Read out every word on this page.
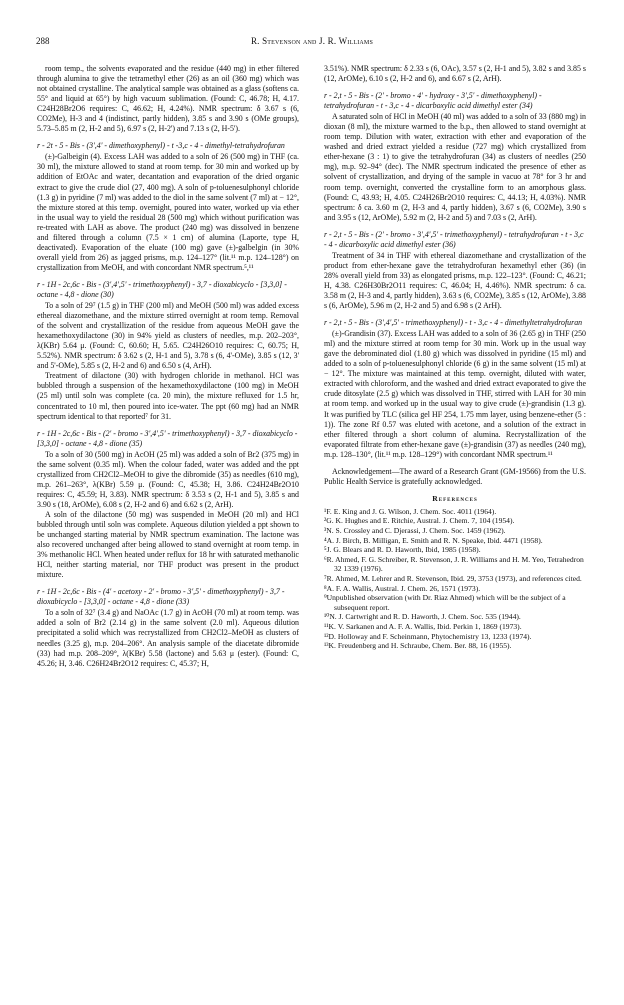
288	R. Stevenson and J. R. Williams

room temp., the solvents evaporated and the residue (440 mg) in ether filtered through alumina to give the tetramethyl ether (26) as an oil (360 mg) which was not obtained crystalline. The analytical sample was obtained as a glass (softens ca. 55° and liquid at 65°) by high vacuum sublimation. (Found: C, 46.78; H, 4.17. C24H28Br2O6 requires: C, 46.62; H, 4.24%). NMR spectrum: δ 3.67 s (6, CO2Me), H-3 and 4 (indistinct, partly hidden), 3.85 s and 3.90 s (OMe groups), 5.73–5.85 m (2, H-2 and 5), 6.97 s (2, H-2') and 7.13 s (2, H-5').

r - 2t - 5 - Bis - (3',4' - dimethoxyphenyl) - t -3,c - 4 - dimethyl-tetrahydrofuran

(±)-Galbeigin (4). Excess LAH was added to a soln of 26 (500 mg) in THF (ca. 30 ml), the mixture allowed to stand at room temp. for 30 min and worked up by addition of EtOAc and water, decantation and evaporation of the dried organic extract to give the crude diol (27, 400 mg). A soln of p-toluenesulphonyl chloride (1.3 g) in pyridine (7 ml) was added to the diol in the same solvent (7 ml) at − 12°, the mixture stored at this temp. overnight, poured into water, worked up via ether in the usual way to yield the residual 28 (500 mg) which without purification was re-treated with LAH as above. The product (240 mg) was dissolved in benzene and filtered through a column (7.5 × 1 cm) of alumina (Laporte, type H, deactivated). Evaporation of the eluate (100 mg) gave (±)-galbelgin (in 30% overall yield from 26) as jagged prisms, m.p. 124–127° (lit.¹¹ m.p. 124–128°) on crystallization from MeOH, and with concordant NMR spectrum.⁵,¹¹

r - 1H - 2c,6c - Bis - (3',4',5' - trimethoxyphenyl) - 3,7 - dioxabicyclo - [3,3,0] - octane - 4,8 - dione (30)

To a soln of 29⁷ (1.5 g) in THF (200 ml) and MeOH (500 ml) was added excess ethereal diazomethane, and the mixture stirred overnight at room temp. Removal of the solvent and crystallization of the residue from aqueous MeOH gave the hexamethoxydilactone (30) in 94% yield as clusters of needles, m.p. 202–203°, λ(KBr) 5.64 μ. (Found: C, 60.60; H, 5.65. C24H26O10 requires: C, 60.75; H, 5.52%). NMR spectrum: δ 3.62 s (2, H-1 and 5), 3.78 s (6, 4'-OMe), 3.85 s (12, 3' and 5'-OMe), 5.85 s (2, H-2 and 6) and 6.50 s (4, ArH).

Treatment of dilactone (30) with hydrogen chloride in methanol. HCl was bubbled through a suspension of the hexamethoxydilactone (100 mg) in MeOH (25 ml) until soln was complete (ca. 20 min), the mixture refluxed for 1.5 hr, concentrated to 10 ml, then poured into ice-water. The ppt (60 mg) had an NMR spectrum identical to that reported⁷ for 31.

r - 1H - 2c,6c - Bis - (2' - bromo - 3',4',5' - trimethoxyphenyl) - 3,7 - dioxabicyclo - [3,3,0] - octane - 4,8 - dione (35)

To a soln of 30 (500 mg) in AcOH (25 ml) was added a soln of Br2 (375 mg) in the same solvent (0.35 ml). When the colour faded, water was added and the ppt crystallized from CH2Cl2–MeOH to give the dibromide (35) as needles (610 mg), m.p. 261–263°, λ(KBr) 5.59 μ. (Found: C, 45.38; H, 3.86. C24H24Br2O10 requires: C, 45.59; H, 3.83). NMR spectrum: δ 3.53 s (2, H-1 and 5), 3.85 s and 3.90 s (18, ArOMe), 6.08 s (2, H-2 and 6) and 6.62 s (2, ArH).

A soln of the dilactone (50 mg) was suspended in MeOH (20 ml) and HCl bubbled through until soln was complete. Aqueous dilution yielded a ppt shown to be unchanged starting material by NMR spectrum examination. The lactone was also recovered unchanged after being allowed to stand overnight at room temp. in 3% methanolic HCl. When heated under reflux for 18 hr with saturated methanolic HCl, neither starting material, nor THF product was present in the product mixture.

r - 1H - 2c,6c - Bis - (4' - acetoxy - 2' - bromo - 3',5' - dimethoxyphenyl) - 3,7 - dioxabicyclo - [3,3,0] - octane - 4,8 - dione (33)

To a soln of 32⁷ (3.4 g) and NaOAc (1.7 g) in AcOH (70 ml) at room temp. was added a soln of Br2 (2.14 g) in the same solvent (2.0 ml). Aqueous dilution precipitated a solid which was recrystallized from CH2Cl2–MeOH as clusters of needles (3.25 g), m.p. 204–206°. An analysis sample of the diacetate dibromide (33) had m.p. 208–209°, λ(KBr) 5.58 (lactone) and 5.63 μ (ester). (Found: C, 45.26; H, 3.46. C26H24Br2O12 requires: C, 45.37; H,

3.51%). NMR spectrum: δ 2.33 s (6, OAc), 3.57 s (2, H-1 and 5), 3.82 s and 3.85 s (12, ArOMe), 6.10 s (2, H-2 and 6), and 6.67 s (2, ArH).

r - 2,t - 5 - Bis - (2' - bromo - 4' - hydroxy - 3',5' - dimethoxyphenyl) - tetrahydrofuran - t - 3,c - 4 - dicarboxylic acid dimethyl ester (34)

A saturated soln of HCl in MeOH (40 ml) was added to a soln of 33 (880 mg) in dioxan (8 ml), the mixture warmed to the b.p., then allowed to stand overnight at room temp. Dilution with water, extraction with ether and evaporation of the washed and dried extract yielded a residue (727 mg) which crystallized from ether-hexane (3 : 1) to give the tetrahydrofuran (34) as clusters of needles (250 mg), m.p. 92–94° (dec). The NMR spectrum indicated the presence of ether as solvent of crystallization, and drying of the sample in vacuo at 78° for 3 hr and room temp. overnight, converted the crystalline form to an amorphous glass. (Found: C, 43.93; H, 4.05. C24H26Br2O10 requires: C, 44.13; H, 4.03%). NMR spectrum: δ ca. 3.60 m (2, H-3 and 4, partly hidden), 3.67 s (6, CO2Me), 3.90 s and 3.95 s (12, ArOMe), 5.92 m (2, H-2 and 5) and 7.03 s (2, ArH).

r - 2,t - 5 - Bis - (2' - bromo - 3',4',5' - trimethoxyphenyl) - tetrahydrofuran - t - 3,c - 4 - dicarboxylic acid dimethyl ester (36)

Treatment of 34 in THF with ethereal diazomethane and crystallization of the product from ether-hexane gave the tetrahydrofuran hexamethyl ether (36) (in 28% overall yield from 33) as elongated prisms, m.p. 122–123°. (Found: C, 46.21; H, 4.38. C26H30Br2O11 requires: C, 46.04; H, 4.46%). NMR spectrum: δ ca. 3.58 m (2, H-3 and 4, partly hidden), 3.63 s (6, CO2Me), 3.85 s (12, ArOMe), 3.88 s (6, ArOMe), 5.96 m (2, H-2 and 5) and 6.98 s (2 ArH).

r - 2,t - 5 - Bis - (3',4',5' - trimethoxyphenyl) - t - 3,c - 4 - dimethyltetrahydrofuran

(±)-Grandisin (37). Excess LAH was added to a soln of 36 (2.65 g) in THF (250 ml) and the mixture stirred at room temp for 30 min. Work up in the usual way gave the debrominated diol (1.80 g) which was dissolved in pyridine (15 ml) and added to a soln of p-toluenesulphonyl chloride (6 g) in the same solvent (15 ml) at − 12°. The mixture was maintained at this temp. overnight, diluted with water, extracted with chloroform, and the washed and dried extract evaporated to give the crude ditosylate (2.5 g) which was dissolved in THF, stirred with LAH for 30 min at room temp. and worked up in the usual way to give crude (±)-grandisin (1.3 g). It was purified by TLC (silica gel HF 254, 1.75 mm layer, using benzene-ether (5 : 1)). The zone Rf 0.57 was eluted with acetone, and a solution of the extract in ether filtered through a short column of alumina. Recrystallization of the evaporated filtrate from ether-hexane gave (±)-grandisin (37) as needles (240 mg), m.p. 128–130°, (lit.¹¹ m.p. 128–129°) with concordant NMR spectrum.¹¹

Acknowledgement—The award of a Research Grant (GM-19566) from the U.S. Public Health Service is gratefully acknowledged.

References

¹F. E. King and J. G. Wilson, J. Chem. Soc. 4011 (1964).

²G. K. Hughes and E. Ritchie, Austral. J. Chem. 7, 104 (1954).

³N. S. Crossley and C. Djerassi, J. Chem. Soc. 1459 (1962).

⁴A. J. Birch, B. Milligan, E. Smith and R. N. Speake, Ibid. 4471 (1958).

⁵J. G. Blears and R. D. Haworth, Ibid, 1985 (1958).

⁶R. Ahmed, F. G. Schreiber, R. Stevenson, J. R. Williams and H. M. Yeo, Tetrahedron 32 1339 (1976).

⁷R. Ahmed, M. Lehrer and R. Stevenson, Ibid. 29, 3753 (1973), and references cited.

⁸A. F. A. Wallis, Austral. J. Chem. 26, 1571 (1973).

⁹Unpublished observation (with Dr. Riaz Ahmed) which will be the subject of a subsequent report.

¹⁰N. J. Cartwright and R. D. Haworth, J. Chem. Soc. 535 (1944).

¹¹K. V. Sarkanen and A. F. A. Wallis, Ibid. Perkin 1, 1869 (1973).

¹²D. Holloway and F. Scheinmann, Phytochemistry 13, 1233 (1974).

¹³K. Freudenberg and H. Schraube, Chem. Ber. 88, 16 (1955).
